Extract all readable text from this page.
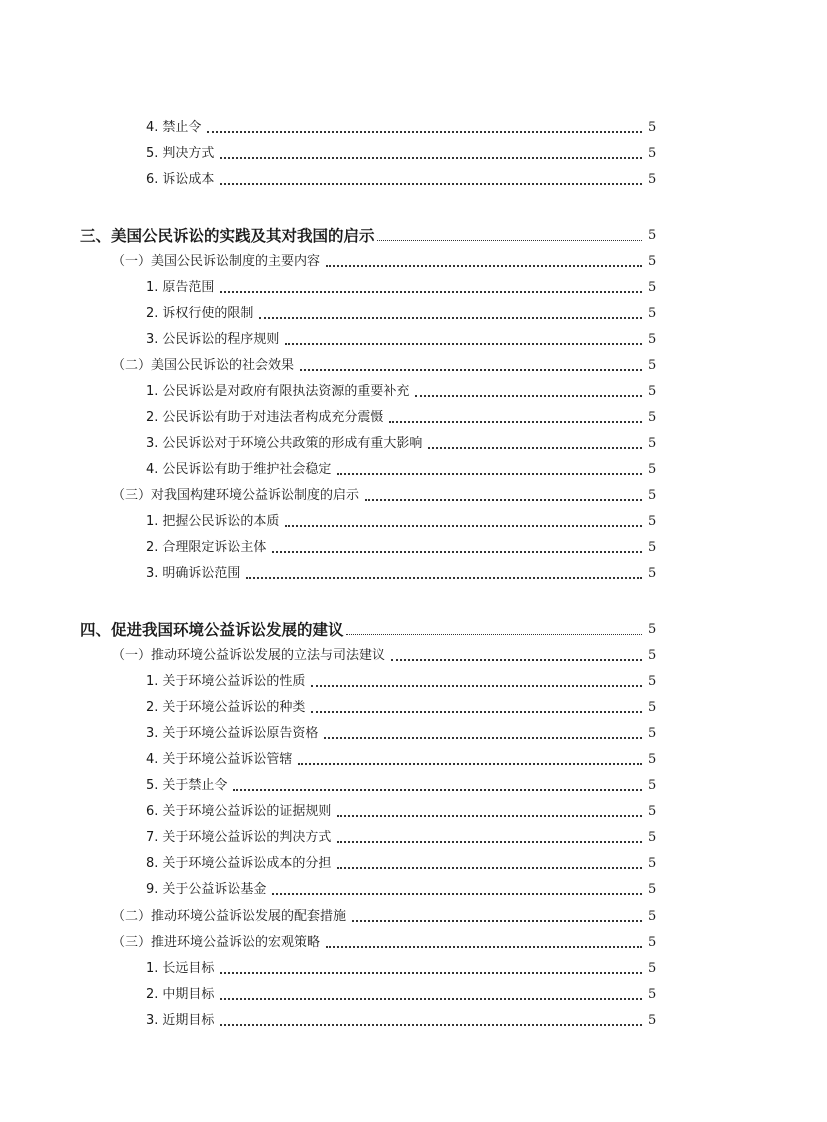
4. 禁止令	5
5. 判决方式	5
6. 诉讼成本	5
三、 美国公民诉讼的实践及其对我国的启示	5
（一） 美国公民诉讼制度的主要内容	5
1. 原告范围	5
2. 诉权行使的限制	5
3. 公民诉讼的程序规则	5
（二） 美国公民诉讼的社会效果	5
1. 公民诉讼是对政府有限执法资源的重要补充	5
2. 公民诉讼有助于对违法者构成充分震慑	5
3. 公民诉讼对于环境公共政策的形成有重大影响	5
4. 公民诉讼有助于维护社会稳定	5
（三） 对我国构建环境公益诉讼制度的启示	5
1. 把握公民诉讼的本质	5
2. 合理限定诉讼主体	5
3. 明确诉讼范围	5
四、 促进我国环境公益诉讼发展的建议	5
（一） 推动环境公益诉讼发展的立法与司法建议	5
1. 关于环境公益诉讼的性质	5
2. 关于环境公益诉讼的种类	5
3. 关于环境公益诉讼原告资格	5
4. 关于环境公益诉讼管辖	5
5. 关于禁止令	5
6. 关于环境公益诉讼的证据规则	5
7. 关于环境公益诉讼的判决方式	5
8. 关于环境公益诉讼成本的分担	5
9. 关于公益诉讼基金	5
（二） 推动环境公益诉讼发展的配套措施	5
（三） 推进环境公益诉讼的宏观策略	5
1. 长远目标	5
2. 中期目标	5
3. 近期目标	5
